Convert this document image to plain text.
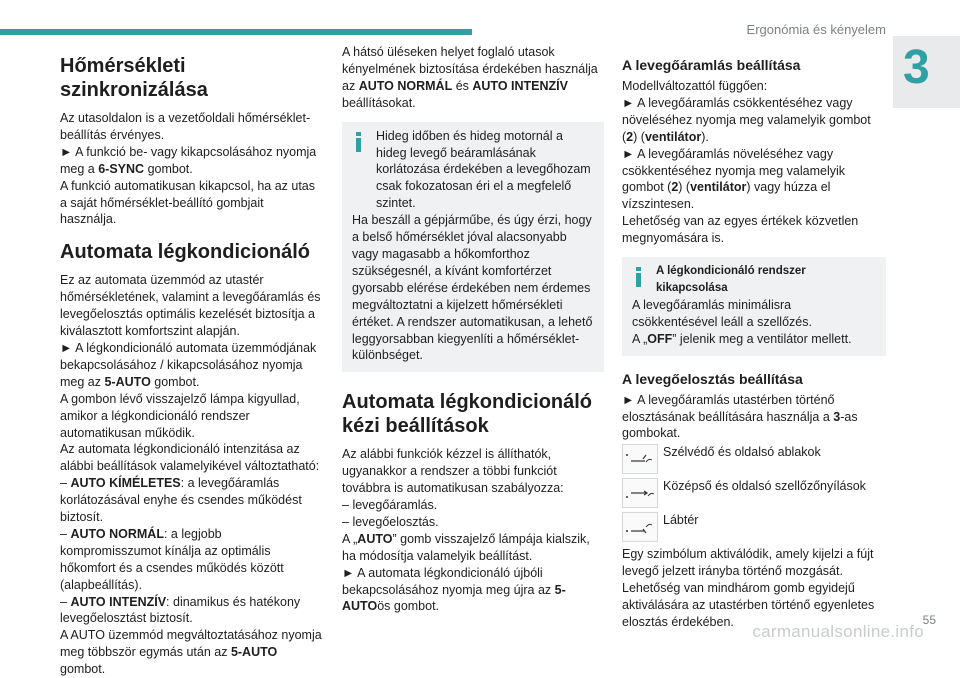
Ergonómia és kényelem
3
Hőmérsékleti szinkronizálása

Az utasoldalon is a vezetőoldali hőmérséklet-beállítás érvényes.

► A funkció be- vagy kikapcsolásához nyomja meg a 6-SYNC gombot.

A funkció automatikusan kikapcsol, ha az utas a saját hőmérséklet-beállító gombjait használja.

Automata légkondicionáló

Ez az automata üzemmód az utastér hőmérsékletének, valamint a levegőáramlás és levegőelosztás optimális kezelését biztosítja a kiválasztott komfortszint alapján.

► A légkondicionáló automata üzemmódjának bekapcsolásához / kikapcsolásához nyomja meg az 5-AUTO gombot.

A gombon lévő visszajelző lámpa kigyullad, amikor a légkondicionáló rendszer automatikusan működik.

Az automata légkondicionáló intenzitása az alábbi beállítások valamelyikével változtatható:

– AUTO KÍMÉLETES: a levegőáramlás korlátozásával enyhe és csendes működést biztosít.

– AUTO NORMÁL: a legjobb kompromisszumot kínálja az optimális hőkomfort és a csendes működés között (alapbeállítás).

– AUTO INTENZÍV: dinamikus és hatékony levegőelosztást biztosít.

A AUTO üzemmód megváltoztatásához nyomja meg többször egymás után az 5-AUTO gombot.

A hátsó üléseken helyet foglaló utasok kényelmének biztosítása érdekében használja az AUTO NORMÁL és AUTO INTENZÍV beállításokat.

Hideg időben és hideg motornál a hideg levegő beáramlásának korlátozása érdekében a levegőhozam csak fokozatosan éri el a megfelelő szintet.

Ha beszáll a gépjárműbe, és úgy érzi, hogy a belső hőmérséklet jóval alacsonyabb vagy magasabb a hőkomforthoz szükségesnél, a kívánt komfortérzet gyorsabb elérése érdekében nem érdemes megváltoztatni a kijelzett hőmérsékleti értéket. A rendszer automatikusan, a lehető leggyorsabban kiegyenlíti a hőmérséklet-különbséget.

Automata légkondicionáló kézi beállítások

Az alábbi funkciók kézzel is állíthatók, ugyanakkor a rendszer a többi funkciót továbbra is automatikusan szabályozza:

– levegőáramlás.

– levegőelosztás.

A „AUTO” gomb visszajelző lámpája kialszik, ha módosítja valamelyik beállítást.

► A automata légkondicionáló újbóli bekapcsolásához nyomja meg újra az 5-AUTOös gombot.

A levegőáramlás beállítása

Modellváltozattól függően:

► A levegőáramlás csökkentéséhez vagy növeléséhez nyomja meg valamelyik gombot (2) (ventilátor).

► A levegőáramlás növeléséhez vagy csökkentéséhez nyomja meg valamelyik gombot (2) (ventilátor) vagy húzza el vízszintesen.

Lehetőség van az egyes értékek közvetlen megnyomására is.

A légkondicionáló rendszer kikapcsolása

A levegőáramlás minimálisra csökkentésével leáll a szellőzés.

A „OFF” jelenik meg a ventilátor mellett.

A levegőelosztás beállítása

► A levegőáramlás utastérben történő elosztásának beállítására használja a 3-as gombokat.

Szélvédő és oldalsó ablakok
Középső és oldalsó szellőzőnyílások
Lábtér

Egy szimbólum aktiválódik, amely kijelzi a fújt levegő jelzett irányba történő mozgását.

Lehetőség van mindhárom gomb egyidejű aktiválására az utastérben történő egyenletes elosztás érdekében.	55
carmanualsonline.info
